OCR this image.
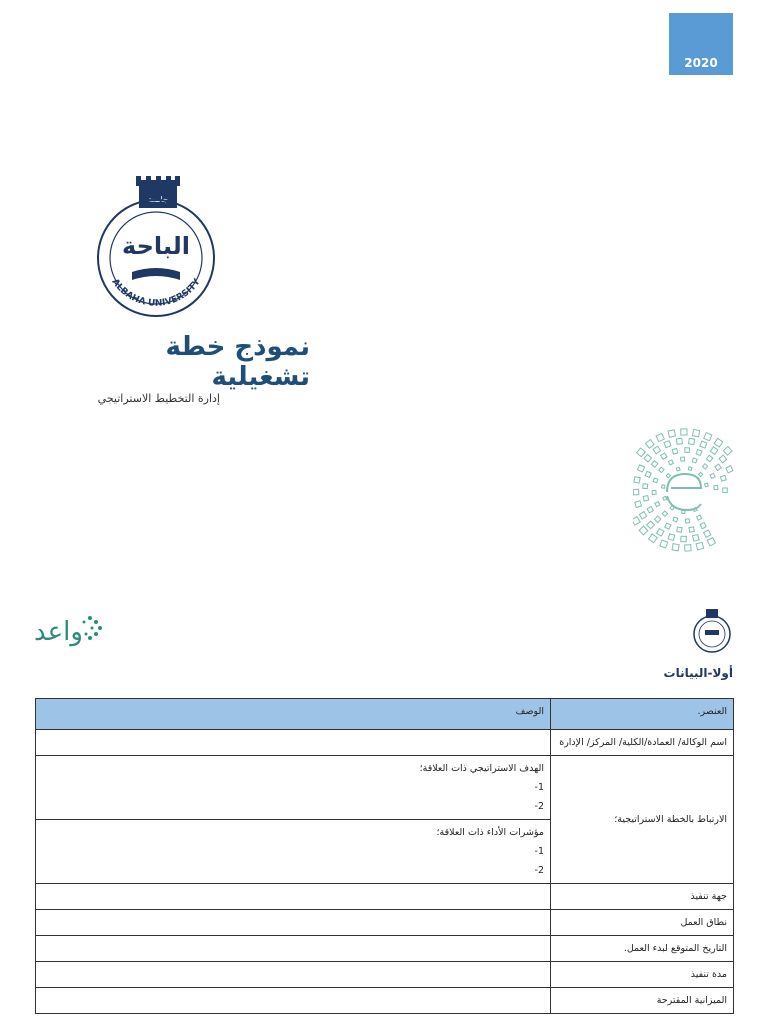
2020
جامعة
الباحة
ALBAHA UNIVERSITY
نموذج خطة تشغيلية
إدارة التخطيط الاستراتيجي
واعد
أولا-البيانات
العنصر.	الوصف
اسم الوكالة/ العمادة/الكلية/ المركز/ الإدارة	
الارتباط بالخطة الاستراتيجية؛	الهدف الاستراتيجي ذات العلاقة؛
1-
2-

	مؤشرات الأداء ذات العلاقة؛
1-
2-

جهة تنفيذ	
نطاق العمل	
التاريخ المتوقع لبدء العمل.	
مدة تنفيذ	
الميزانية المقترحة	
